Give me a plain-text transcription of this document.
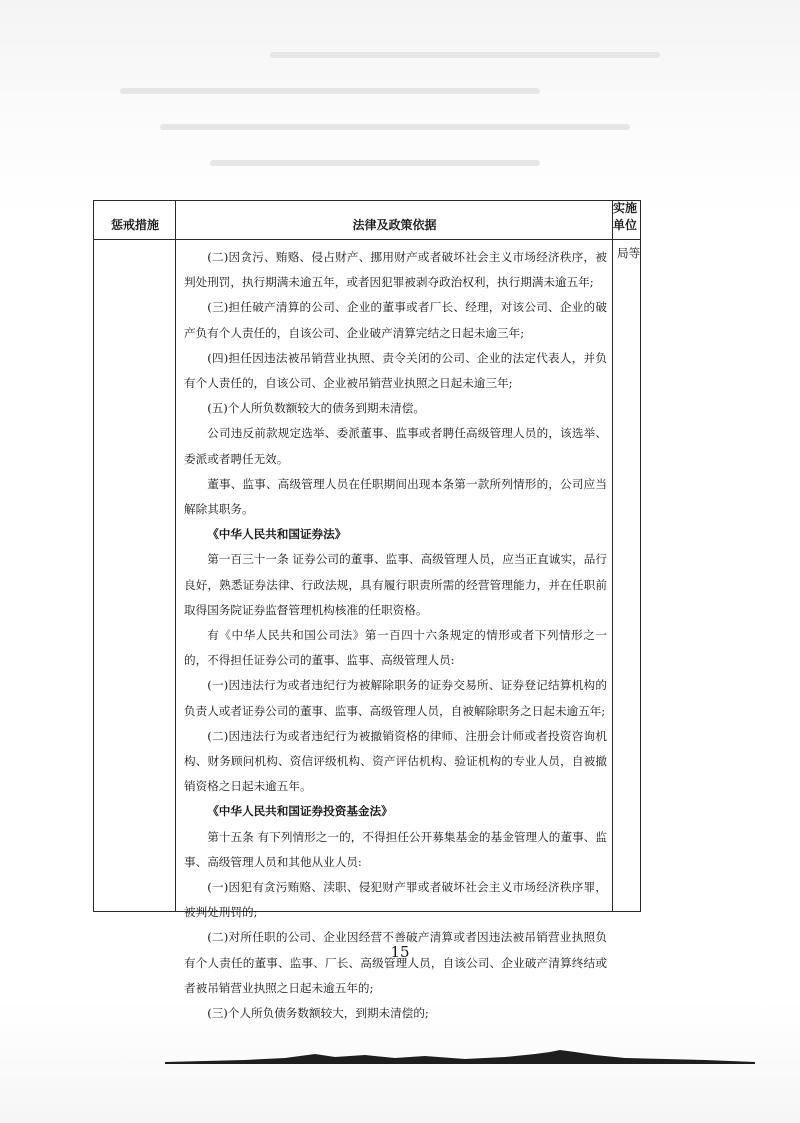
惩戒措施	法律及政策依据
实施单位

(二)因贪污、贿赂、侵占财产、挪用财产或者破坏社会主义市场经济秩序，被判处刑罚，执行期满未逾五年，或者因犯罪被剥夺政治权利，执行期满未逾五年;

(三)担任破产清算的公司、企业的董事或者厂长、经理，对该公司、企业的破产负有个人责任的，自该公司、企业破产清算完结之日起未逾三年;

(四)担任因违法被吊销营业执照、责令关闭的公司、企业的法定代表人，并负有个人责任的，自该公司、企业被吊销营业执照之日起未逾三年;

(五)个人所负数额较大的债务到期未清偿。

公司违反前款规定选举、委派董事、监事或者聘任高级管理人员的，该选举、委派或者聘任无效。

董事、监事、高级管理人员在任职期间出现本条第一款所列情形的，公司应当解除其职务。

《中华人民共和国证券法》

第一百三十一条 证券公司的董事、监事、高级管理人员，应当正直诚实，品行良好，熟悉证券法律、行政法规，具有履行职责所需的经营管理能力，并在任职前取得国务院证券监督管理机构核准的任职资格。

有《中华人民共和国公司法》第一百四十六条规定的情形或者下列情形之一的，不得担任证券公司的董事、监事、高级管理人员:

(一)因违法行为或者违纪行为被解除职务的证券交易所、证券登记结算机构的负责人或者证券公司的董事、监事、高级管理人员，自被解除职务之日起未逾五年;

(二)因违法行为或者违纪行为被撤销资格的律师、注册会计师或者投资咨询机构、财务顾问机构、资信评级机构、资产评估机构、验证机构的专业人员，自被撤销资格之日起未逾五年。

《中华人民共和国证券投资基金法》

第十五条 有下列情形之一的，不得担任公开募集基金的基金管理人的董事、监事、高级管理人员和其他从业人员:

(一)因犯有贪污贿赂、渎职、侵犯财产罪或者破坏社会主义市场经济秩序罪，被判处刑罚的;

(二)对所任职的公司、企业因经营不善破产清算或者因违法被吊销营业执照负有个人责任的董事、监事、厂长、高级管理人员，自该公司、企业破产清算终结或者被吊销营业执照之日起未逾五年的;

(三)个人所负债务数额较大，到期未清偿的;

局等
15
